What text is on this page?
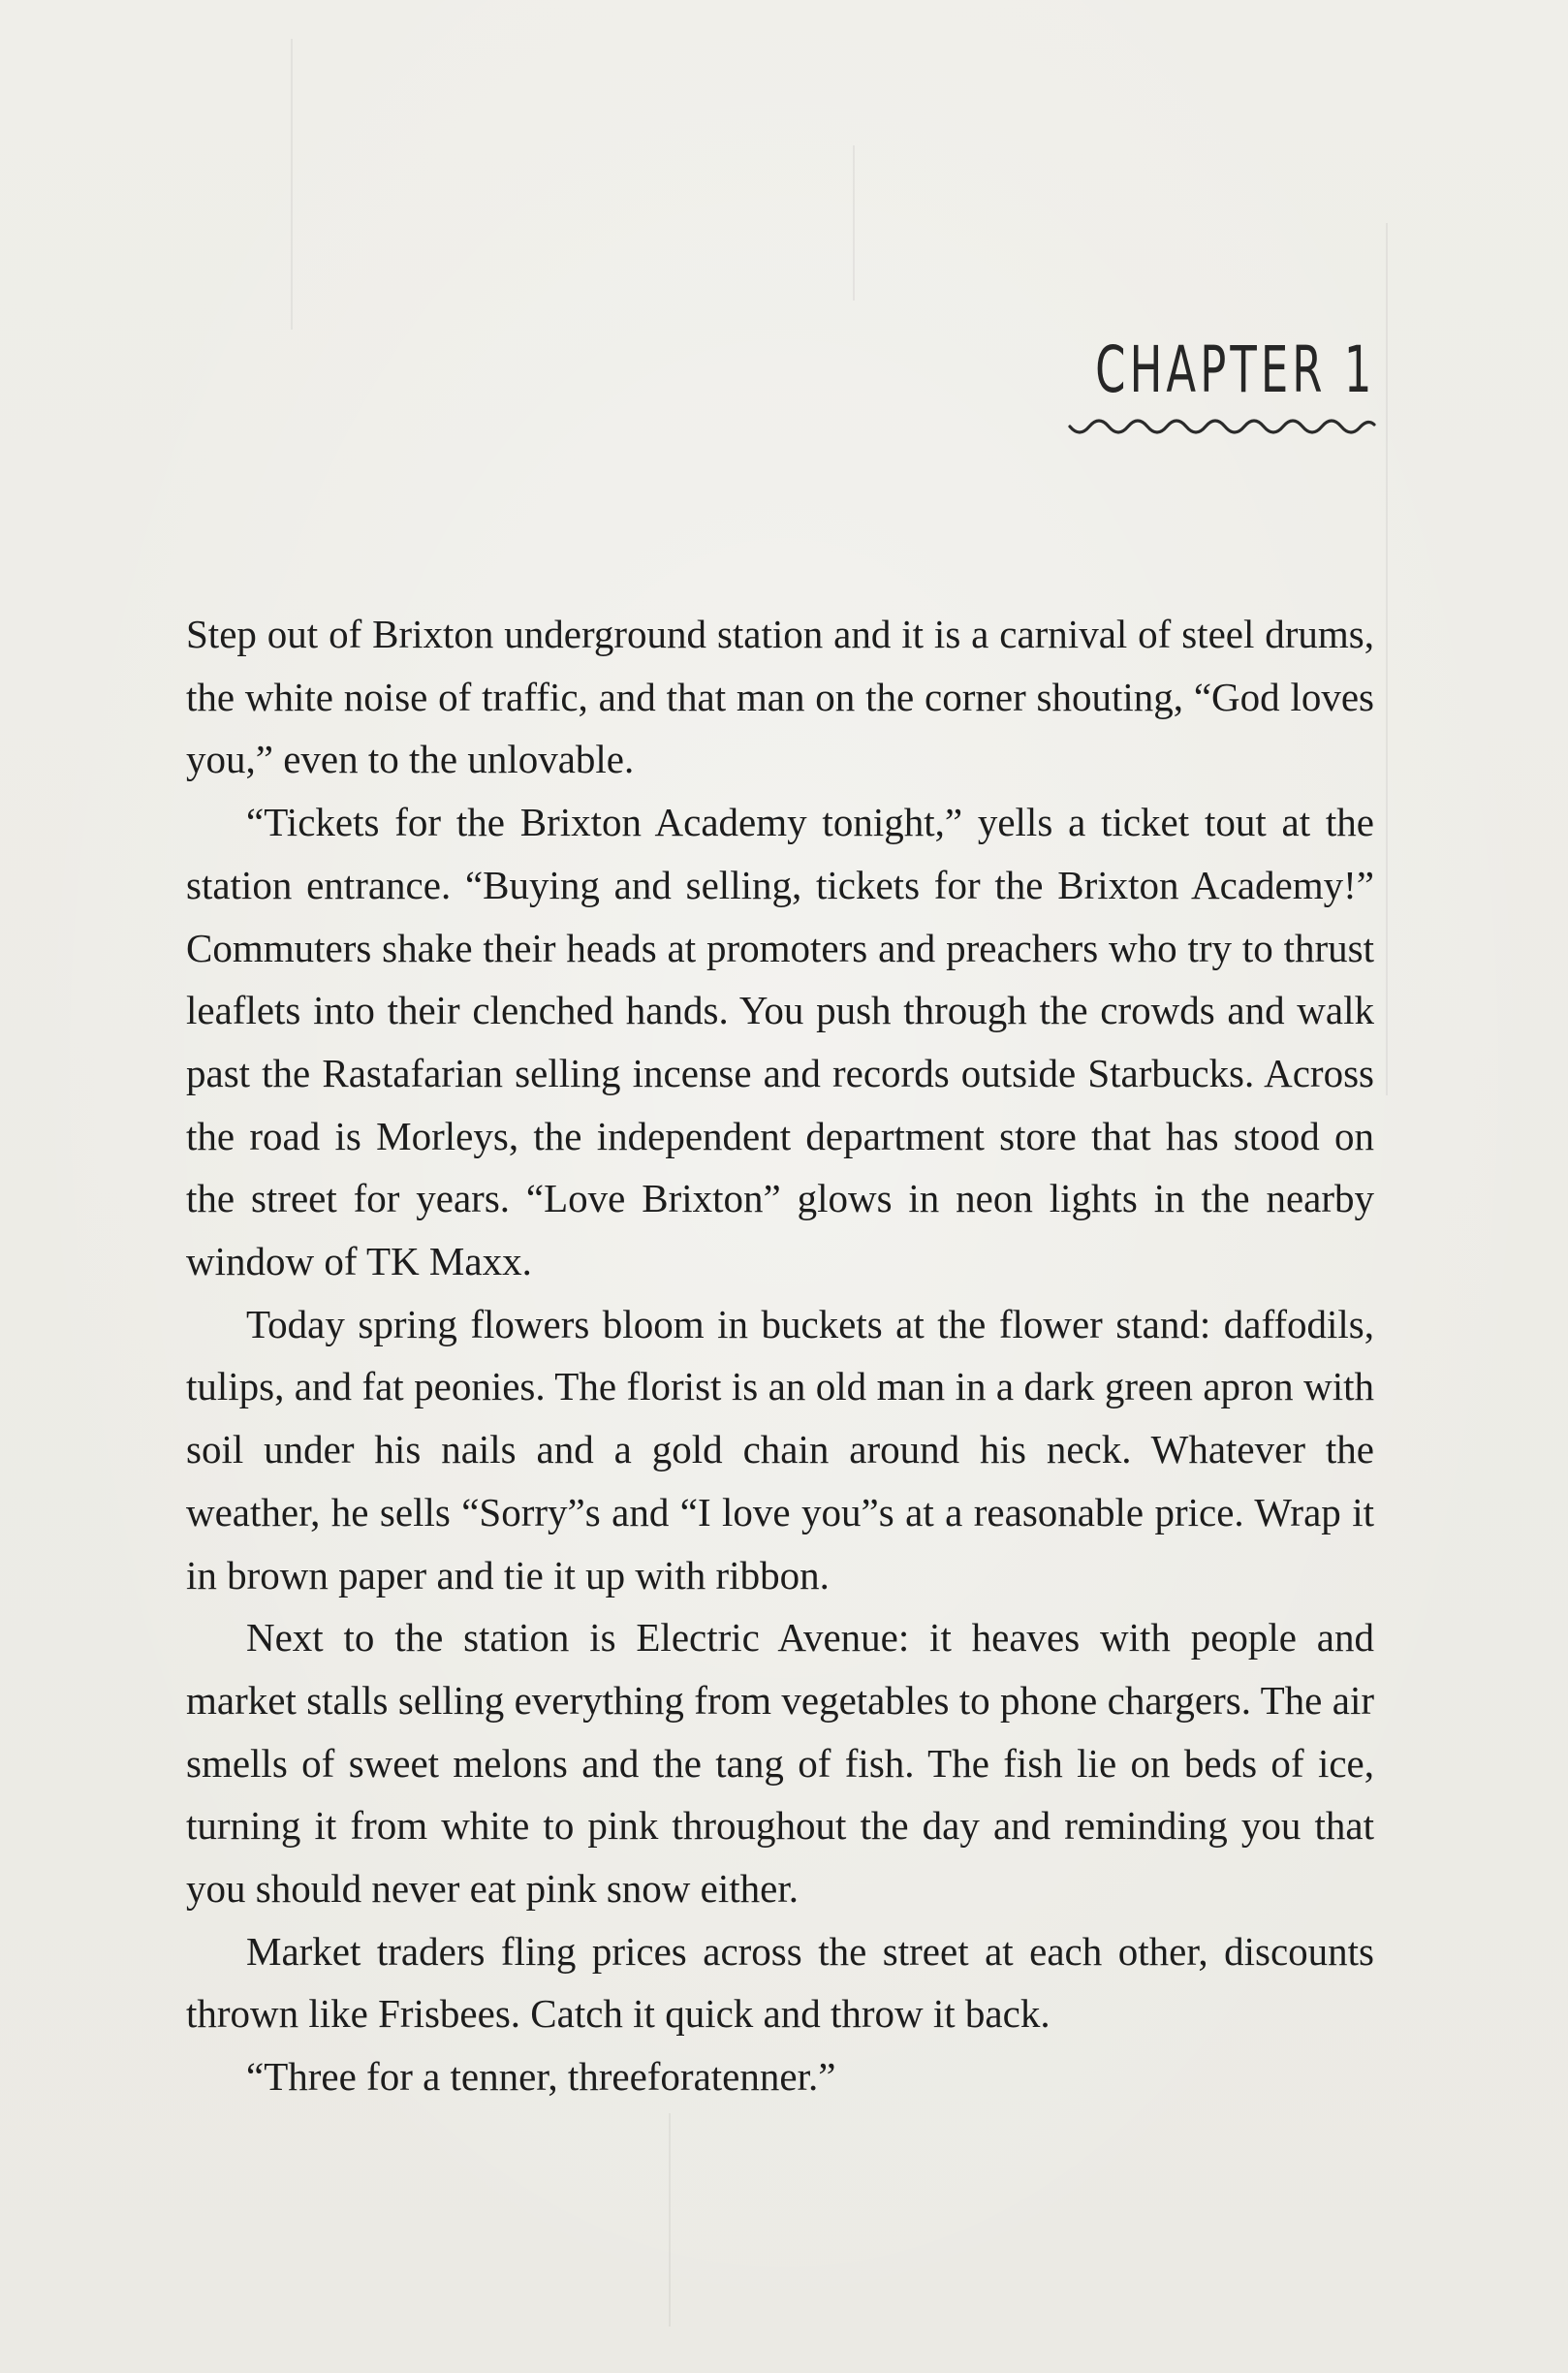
CHAPTER 1

Step out of Brixton underground station and it is a carnival of steel drums, the white noise of traffic, and that man on the corner shouting, “God loves you,” even to the unlovable.

“Tickets for the Brixton Academy tonight,” yells a ticket tout at the station entrance. “Buying and selling, tickets for the Brixton Academy!” Commuters shake their heads at promoters and preachers who try to thrust leaflets into their clenched hands. You push through the crowds and walk past the Rastafarian selling incense and records outside Starbucks. Across the road is Morleys, the independent department store that has stood on the street for years. “Love Brixton” glows in neon lights in the nearby window of TK Maxx.

Today spring flowers bloom in buckets at the flower stand: daffodils, tulips, and fat peonies. The florist is an old man in a dark green apron with soil under his nails and a gold chain around his neck. Whatever the weather, he sells “Sorry”s and “I love you”s at a reasonable price. Wrap it in brown paper and tie it up with ribbon.

Next to the station is Electric Avenue: it heaves with people and market stalls selling everything from vegetables to phone chargers. The air smells of sweet melons and the tang of fish. The fish lie on beds of ice, turning it from white to pink throughout the day and reminding you that you should never eat pink snow either.

Market traders fling prices across the street at each other, discounts thrown like Frisbees. Catch it quick and throw it back.

“Three for a tenner, threeforatenner.”
